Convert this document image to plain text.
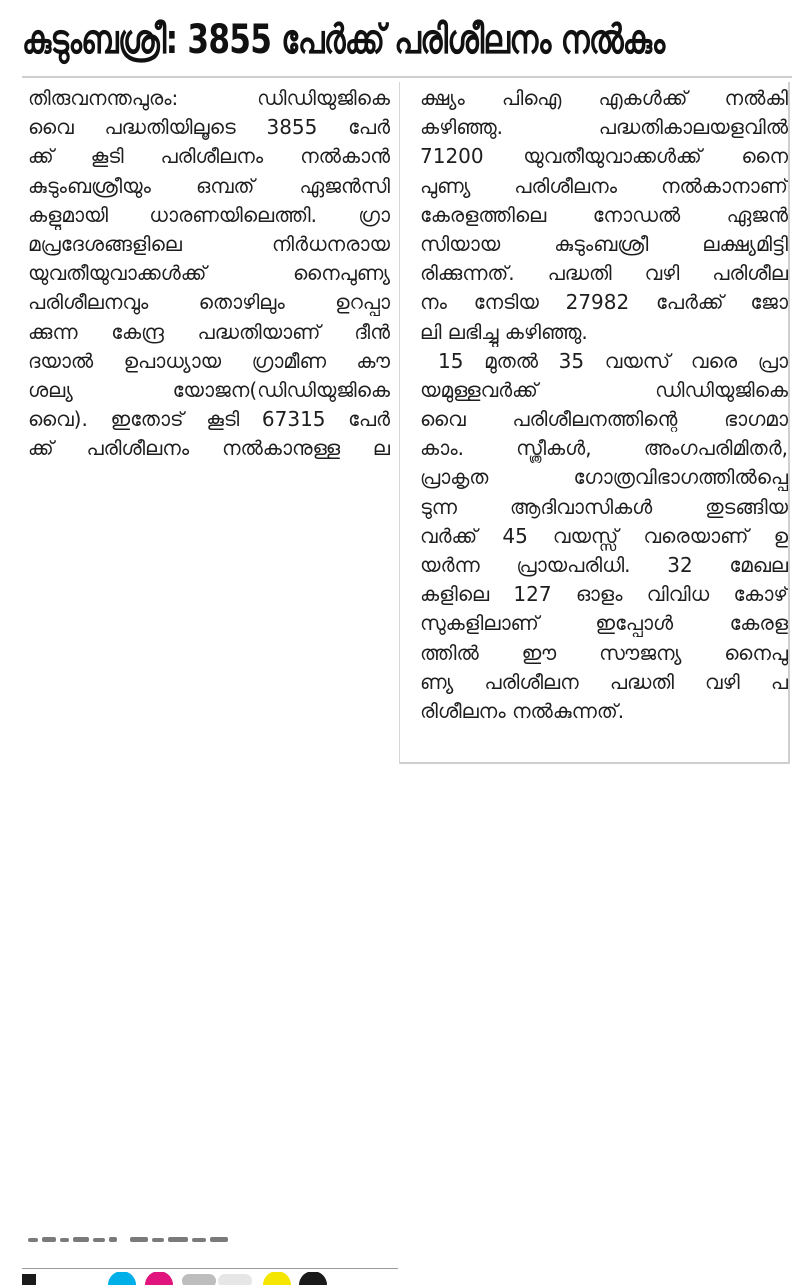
കുടുംബശ്രീ: 3855 പേർക്ക് പരിശീലനം നൽകും
തിരുവനന്തപുരം: ഡിഡിയുജികെ
വൈ പദ്ധതിയിലൂടെ 3855 പേർ
ക്ക് കൂടി പരിശീലനം നൽകാൻ
കുടുംബശ്രീയും ഒമ്പത് ഏജൻസി
കളുമായി ധാരണയിലെത്തി. ഗ്രാ
മപ്രദേശങ്ങളിലെ നിർധനരായ
യുവതീയുവാക്കൾക്ക് നൈപുണ്യ
പരിശീലനവും തൊഴിലും ഉറപ്പാ
ക്കുന്ന കേന്ദ്ര പദ്ധതിയാണ് ദീൻ
ദയാൽ ഉപാധ്യായ ഗ്രാമീണ കൗ
ശല്യ യോജന(ഡിഡിയുജികെ
വൈ). ഇതോട് കൂടി 67315 പേർ
ക്ക് പരിശീലനം നൽകാനുള്ള ല
ക്ഷ്യം പിഐ എകൾക്ക് നൽകി
കഴിഞ്ഞു. പദ്ധതികാലയളവിൽ
71200 യുവതീയുവാക്കൾക്ക് നൈ
പുണ്യ പരിശീലനം നൽകാനാണ്
കേരളത്തിലെ നോഡൽ ഏജൻ
സിയായ കുടുംബശ്രീ ലക്ഷ്യമിട്ടി
രിക്കുന്നത്. പദ്ധതി വഴി പരിശീല
നം നേടിയ 27982 പേർക്ക് ജോ
ലി ലഭിച്ചു കഴിഞ്ഞു.
15 മുതൽ 35 വയസ് വരെ പ്രാ
യമുള്ളവർക്ക് ഡിഡിയുജികെ
വൈ പരിശീലനത്തിന്റെ ഭാഗമാ
കാം. സ്ത്രീകൾ, അംഗപരിമിതർ,
പ്രാകൃത ഗോത്രവിഭാഗത്തിൽപ്പെ
ടുന്ന ആദിവാസികൾ തുടങ്ങിയ
വർക്ക് 45 വയസ്സ് വരെയാണ് ഉ
യർന്ന പ്രായപരിധി. 32 മേഖല
കളിലെ 127 ഓളം വിവിധ കോഴ്
സുകളിലാണ് ഇപ്പോൾ കേരള
ത്തിൽ ഈ സൗജന്യ നൈപു
ണ്യ പരിശീലന പദ്ധതി വഴി പ
രിശീലനം നൽകുന്നത്.
